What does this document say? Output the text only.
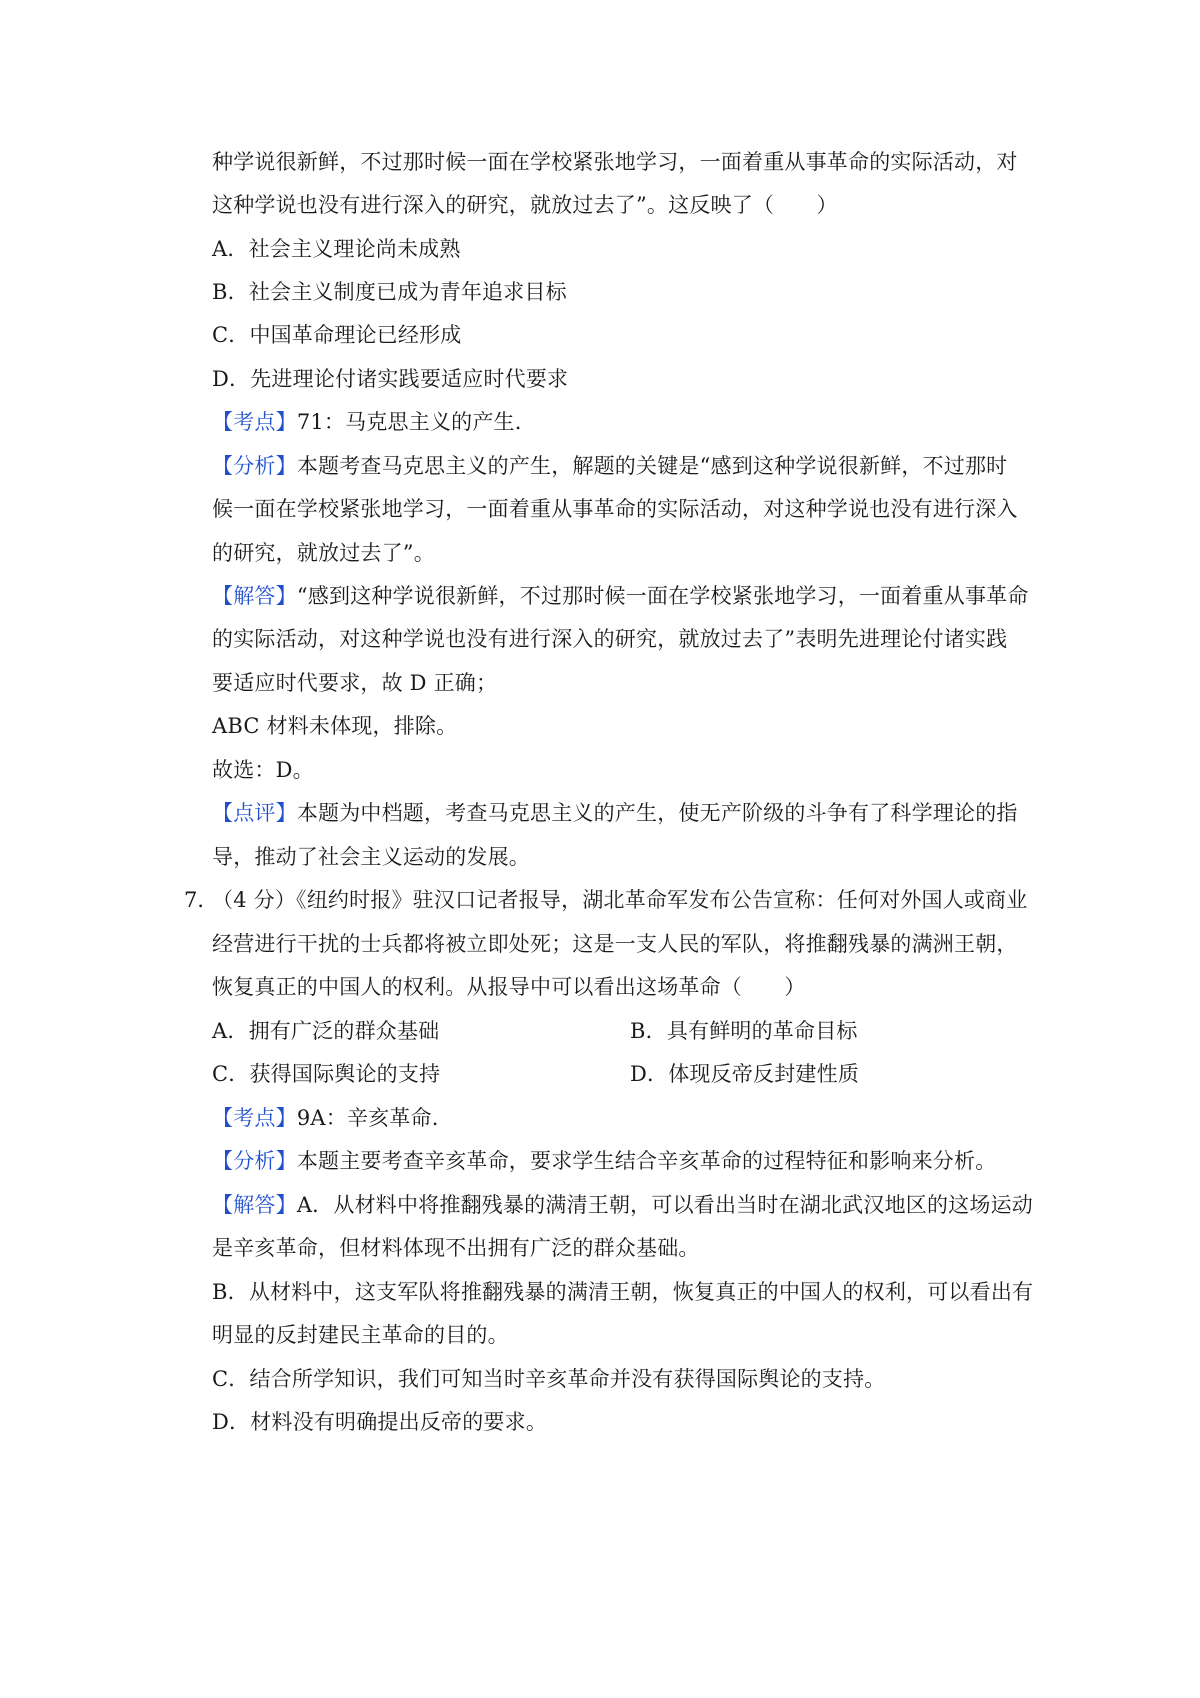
种学说很新鲜，不过那时候一面在学校紧张地学习，一面着重从事革命的实际活动，对
这种学说也没有进行深入的研究，就放过去了”。这反映了（　　）
A．社会主义理论尚未成熟
B．社会主义制度已成为青年追求目标
C．中国革命理论已经形成
D．先进理论付诸实践要适应时代要求
【考点】71：马克思主义的产生.
【分析】本题考查马克思主义的产生，解题的关键是“感到这种学说很新鲜，不过那时
候一面在学校紧张地学习，一面着重从事革命的实际活动，对这种学说也没有进行深入
的研究，就放过去了”。
【解答】“感到这种学说很新鲜，不过那时候一面在学校紧张地学习，一面着重从事革命
的实际活动，对这种学说也没有进行深入的研究，就放过去了”表明先进理论付诸实践
要适应时代要求，故 D 正确；
ABC 材料未体现，排除。
故选：D。
【点评】本题为中档题，考查马克思主义的产生，使无产阶级的斗争有了科学理论的指
导，推动了社会主义运动的发展。
7．
（4 分）《纽约时报》驻汉口记者报导，湖北革命军发布公告宣称：任何对外国人或商业
经营进行干扰的士兵都将被立即处死；这是一支人民的军队，将推翻残暴的满洲王朝，
恢复真正的中国人的权利。从报导中可以看出这场革命（　　）
A．拥有广泛的群众基础	B．具有鲜明的革命目标
C．获得国际舆论的支持	D．体现反帝反封建性质
【考点】9A：辛亥革命.
【分析】本题主要考查辛亥革命，要求学生结合辛亥革命的过程特征和影响来分析。
【解答】A．从材料中将推翻残暴的满清王朝，可以看出当时在湖北武汉地区的这场运动
是辛亥革命，但材料体现不出拥有广泛的群众基础。
B．从材料中，这支军队将推翻残暴的满清王朝，恢复真正的中国人的权利，可以看出有
明显的反封建民主革命的目的。
C．结合所学知识，我们可知当时辛亥革命并没有获得国际舆论的支持。
D．材料没有明确提出反帝的要求。
